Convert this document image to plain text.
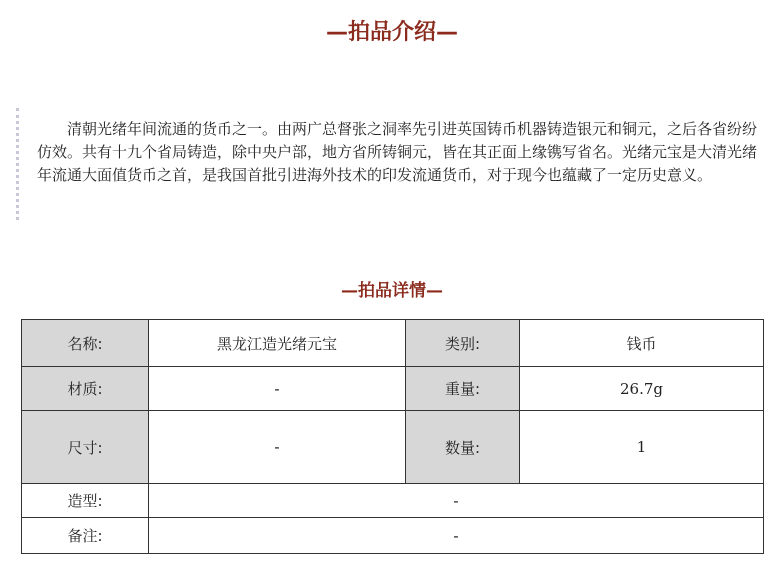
—拍品介绍—

清朝光绪年间流通的货币之一。由两广总督张之洞率先引进英国铸币机器铸造银元和铜元，之后各省纷纷仿效。共有十九个省局铸造，除中央户部，地方省所铸铜元，皆在其正面上缘镌写省名。光绪元宝是大清光绪年流通大面值货币之首，是我国首批引进海外技术的印发流通货币，对于现今也蕴藏了一定历史意义。

—拍品详情—
名称:	黑龙江造光绪元宝	类别:	钱币
材质:	-	重量:	26.7g
尺寸:	-	数量:	1
造型:	-		
备注:	-		
